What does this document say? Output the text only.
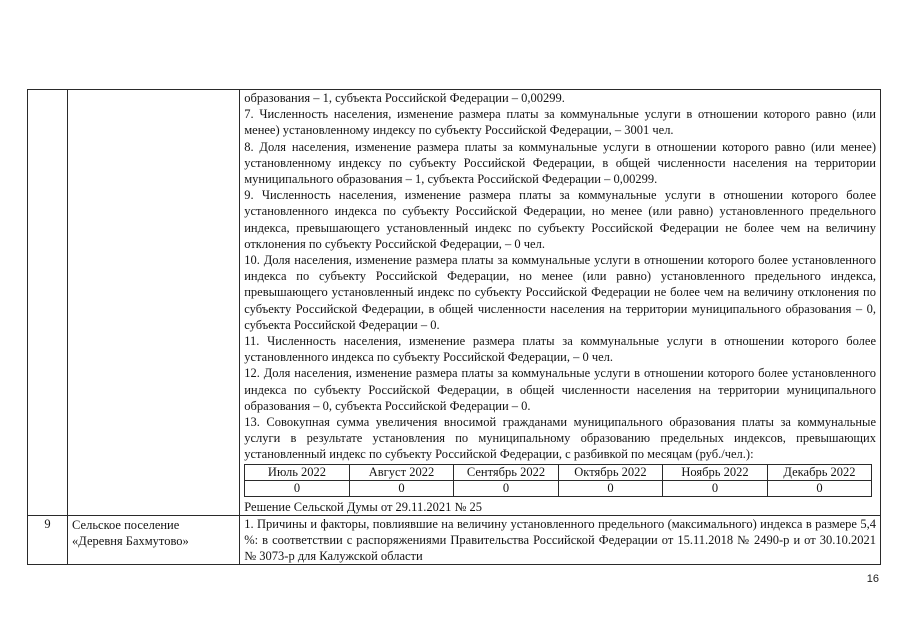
образования – 1, субъекта Российской Федерации – 0,00299.

7. Численность населения, изменение размера платы за коммунальные услуги в отношении которого равно (или менее) установленному индексу по субъекту Российской Федерации, – 3001 чел.

8. Доля населения, изменение размера платы за коммунальные услуги в отношении которого равно (или менее) установленному индексу по субъекту Российской Федерации, в общей численности населения на территории муниципального образования – 1, субъекта Российской Федерации – 0,00299.

9. Численность населения, изменение размера платы за коммунальные услуги в отношении которого более установленного индекса по субъекту Российской Федерации, но менее (или равно) установленного предельного индекса, превышающего установленный индекс по субъекту Российской Федерации не более чем на величину отклонения по субъекту Российской Федерации, – 0 чел.

10. Доля населения, изменение размера платы за коммунальные услуги в отношении которого более установленного индекса по субъекту Российской Федерации, но менее (или равно) установленного предельного индекса, превышающего установленный индекс по субъекту Российской Федерации не более чем на величину отклонения по субъекту Российской Федерации, в общей численности населения на территории муниципального образования – 0, субъекта Российской Федерации – 0.

11. Численность населения, изменение размера платы за коммунальные услуги в отношении которого более установленного индекса по субъекту Российской Федерации, – 0 чел.

12. Доля населения, изменение размера платы за коммунальные услуги в отношении которого более установленного индекса по субъекту Российской Федерации, в общей численности населения на территории муниципального образования – 0, субъекта Российской Федерации – 0.

13. Совокупная сумма увеличения вносимой гражданами муниципального образования платы за коммунальные услуги в результате установления по муниципальному образованию предельных индексов, превышающих установленный индекс по субъекту Российской Федерации, с разбивкой по месяцам (руб./чел.):

Июль 2022	Август 2022	Сентябрь 2022	Октябрь 2022	Ноябрь 2022	Декабрь 2022
0	0	0	0	0	0

Решение Сельской Думы от 29.11.2021 № 25

9	Сельское поселение
«Деревня Бахмутово»

1. Причины и факторы, повлиявшие на величину установленного предельного (максимального) индекса в размере 5,4 %: в соответствии с распоряжениями Правительства Российской Федерации от 15.11.2018 № 2490-р и от 30.10.2021 № 3073-р для Калужской области

16
